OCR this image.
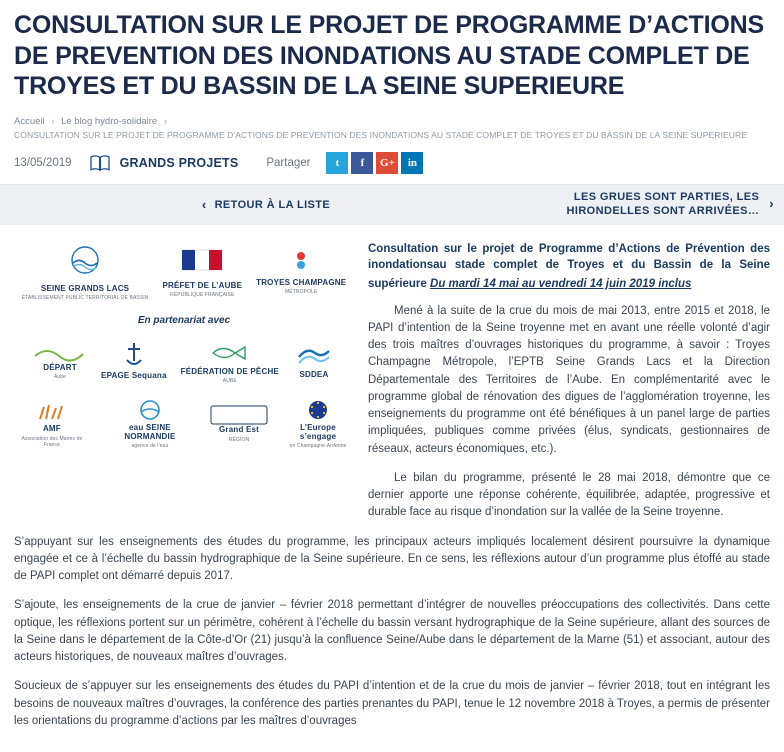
CONSULTATION SUR LE PROJET DE PROGRAMME D’ACTIONS DE PREVENTION DES INONDATIONS AU STADE COMPLET DE TROYES ET DU BASSIN DE LA SEINE SUPERIEURE
Accueil › Le blog hydro-solidaire ›
CONSULTATION SUR LE PROJET DE PROGRAMME D’ACTIONS DE PREVENTION DES INONDATIONS AU STADE COMPLET DE TROYES ET DU BASSIN DE LA SEINE SUPERIEURE
13/05/2019	GRANDS PROJETS Partager	t	f	G+	in
‹ RETOUR À LA LISTE
LES GRUES SONT PARTIES, LES HIRONDELLES SONT ARRIVÉES… ›
SEINE GRANDS LACS
ÉTABLISSEMENT PUBLIC TERRITORIAL DE BASSIN
PRÉFET DE L’AUBE
RÉPUBLIQUE FRANÇAISE
TROYES CHAMPAGNE
MÉTROPOLE
En partenariat avec
DÉPART
Aube	EPAGE Sequana FÉDÉRATION DE PÊCHE
AUBE
SDDEA
AMF
Association des Maires de France
eau SEINE NORMANDIE
agence de l’eau
Grand Est
RÉGION
L’Europe s’engage
en Champagne-Ardenne
Consultation sur le projet de Programme d’Actions de Prévention des inondationsau stade complet de Troyes et du Bassin de la Seine supérieure Du mardi 14 mai au vendredi 14 juin 2019 inclus

Mené à la suite de la crue du mois de mai 2013, entre 2015 et 2018, le PAPI d’intention de la Seine troyenne met en avant une réelle volonté d’agir des trois maîtres d’ouvrages historiques du programme, à savoir : Troyes Champagne Métropole, l’EPTB Seine Grands Lacs et la Direction Départementale des Territoires de l’Aube. En complémentarité avec le programme global de rénovation des digues de l’agglomération troyenne, les enseignements du programme ont été bénéfiques à un panel large de parties impliquées, publiques comme privées (élus, syndicats, gestionnaires de réseaux, acteurs économiques, etc.).

Le bilan du programme, présenté le 28 mai 2018, démontre que ce dernier apporte une réponse cohérente, équilibrée, adaptée, progressive et durable face au risque d’inondation sur la vallée de la Seine troyenne.

S’appuyant sur les enseignements des études du programme, les principaux acteurs impliqués localement désirent poursuivre la dynamique engagée et ce à l’échelle du bassin hydrographique de la Seine supérieure. En ce sens, les réflexions autour d’un programme plus étoffé au stade de PAPI complet ont démarré depuis 2017.

S’ajoute, les enseignements de la crue de janvier – février 2018 permettant d’intégrer de nouvelles préoccupations des collectivités. Dans cette optique, les réflexions portent sur un périmètre, cohérent à l’échelle du bassin versant hydrographique de la Seine supérieure, allant des sources de la Seine dans le département de la Côte-d’Or (21) jusqu’à la confluence Seine/Aube dans le département de la Marne (51) et associant, autour des acteurs historiques, de nouveaux maîtres d’ouvrages.

Soucieux de s’appuyer sur les enseignements des études du PAPI d’intention et de la crue du mois de janvier – février 2018, tout en intégrant les besoins de nouveaux maîtres d’ouvrages, la conférence des parties prenantes du PAPI, tenue le 12 novembre 2018 à Troyes, a permis de présenter les orientations du programme d’actions par les maîtres d’ouvrages
